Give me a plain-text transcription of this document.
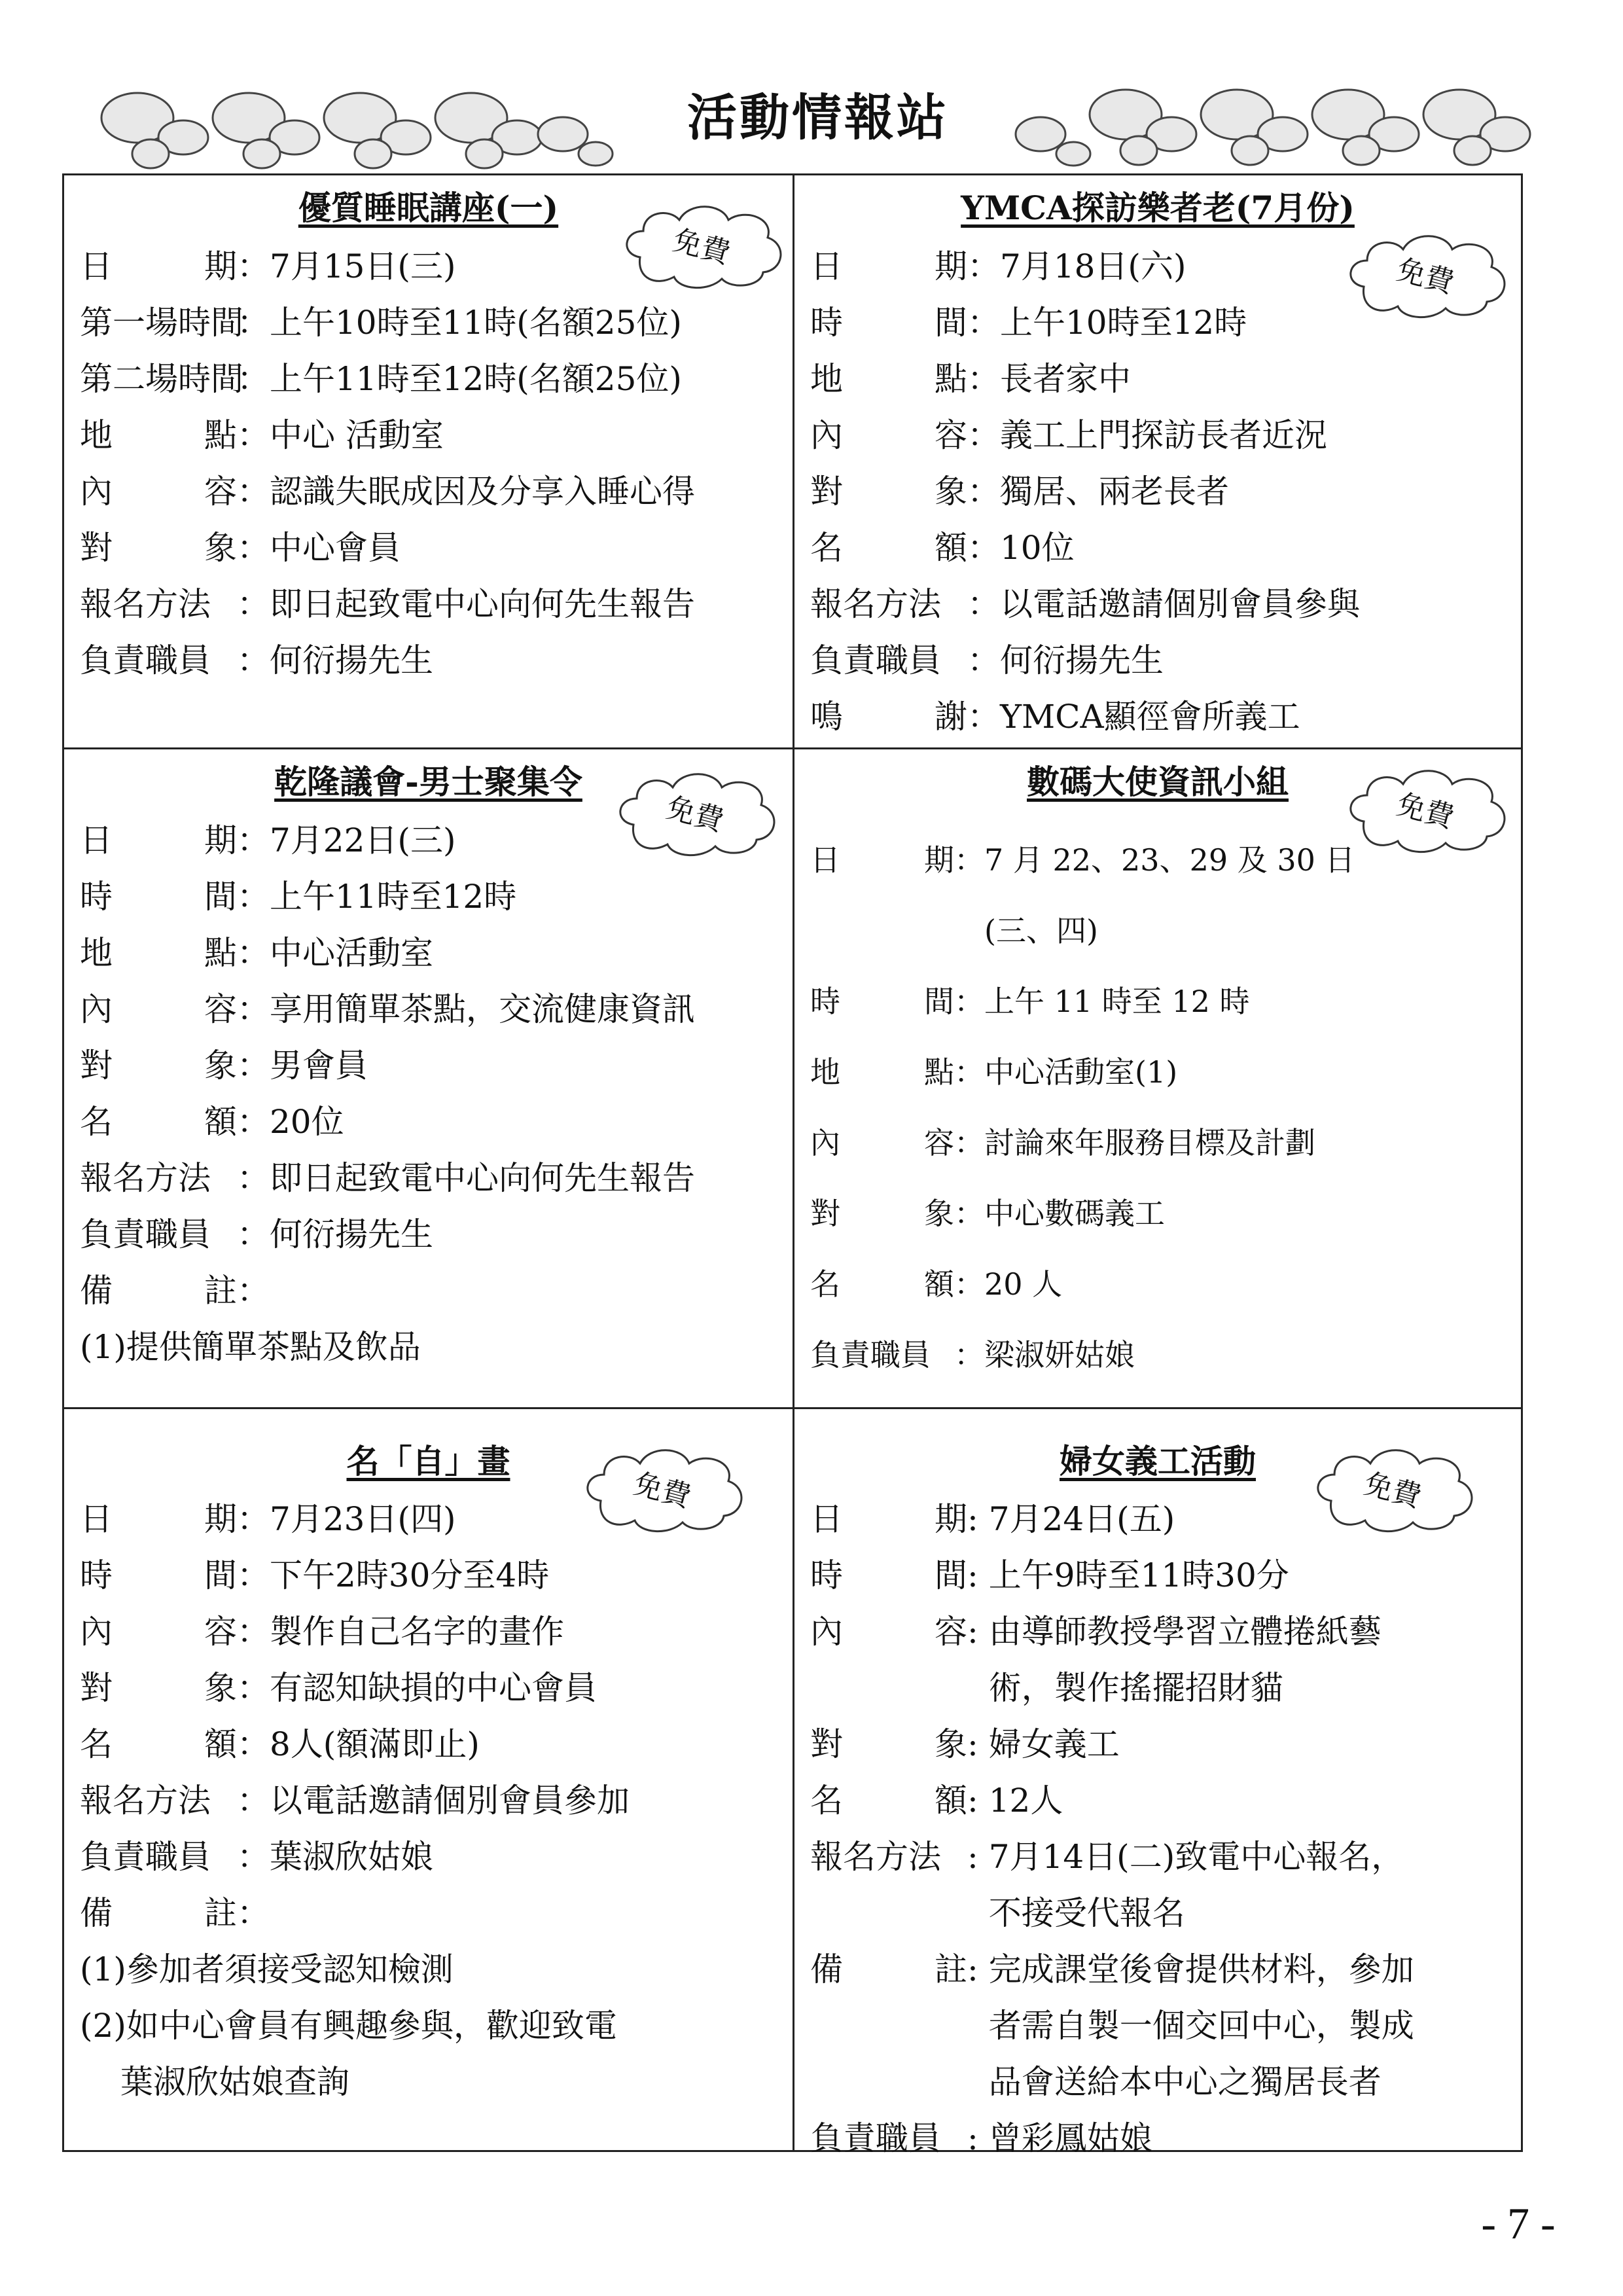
活動情報站
優質睡眠講座(一)
免費
日	期 ： 7月15日(三)
第一場時間
： 上午10時至11時(名額25位)
第二場時間
： 上午11時至12時(名額25位)
地	點 ： 中心 活動室
內	容 ： 認識失眠成因及分享入睡心得
對	象 ： 中心會員
報名方法 ： 即日起致電中心向何先生報告
負責職員 ： 何衍揚先生
YMCA探訪樂者老(7月份)
免費
日	期 ： 7月18日(六)
時	間 ： 上午10時至12時
地	點 ： 長者家中
內	容 ： 義工上門探訪長者近況
對	象 ： 獨居、兩老長者
名	額 ： 10位
報名方法 ： 以電話邀請個別會員參與
負責職員 ： 何衍揚先生
鳴	謝 ： YMCA顯徑會所義工
乾隆議會-男士聚集令
免費
日	期 ： 7月22日(三)
時	間 ： 上午11時至12時
地	點 ： 中心活動室
內	容 ： 享用簡單茶點，交流健康資訊
對	象 ： 男會員
名	額 ： 20位
報名方法 ： 即日起致電中心向何先生報告
負責職員 ： 何衍揚先生
備	註 ：
(1)提供簡單茶點及飲品
數碼大使資訊小組
免費
日	期 ： 7 月 22、23、29 及 30 日
(三、四)
時	間 ： 上午 11 時至 12 時
地	點 ： 中心活動室(1)
內	容 ： 討論來年服務目標及計劃
對	象 ： 中心數碼義工
名	額 ： 20 人
負責職員 ： 梁淑妍姑娘
名「自」畫
免費
日	期 ： 7月23日(四)
時	間 ： 下午2時30分至4時
內	容 ： 製作自己名字的畫作
對	象 ： 有認知缺損的中心會員
名	額 ： 8人(額滿即止)
報名方法 ： 以電話邀請個別會員參加
負責職員 ： 葉淑欣姑娘
備	註 ：
(1)參加者須接受認知檢測
(2)如中心會員有興趣參與，歡迎致電
葉淑欣姑娘查詢
婦女義工活動
免費
日	期 : 7月24日(五)
時	間 : 上午9時至11時30分
內	容 : 由導師教授學習立體捲紙藝
術，製作搖擺招財貓
對	象 : 婦女義工
名	額 : 12人
報名方法 : 7月14日(二)致電中心報名，
不接受代報名
備	註 : 完成課堂後會提供材料，參加
者需自製一個交回中心，製成
品會送給本中心之獨居長者
負責職員 : 曾彩鳳姑娘
- 7 -
